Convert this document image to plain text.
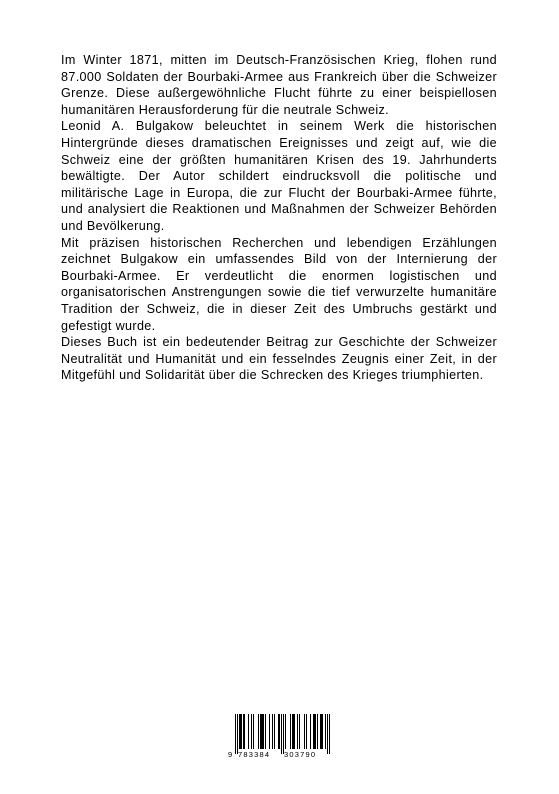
Im Winter 1871, mitten im Deutsch-Französischen Krieg, flohen rund 87.000 Soldaten der Bourbaki-Armee aus Frankreich über die Schweizer Grenze. Diese außergewöhnliche Flucht führte zu einer beispiellosen humanitären Herausforderung für die neutrale Schweiz.

Leonid A. Bulgakow beleuchtet in seinem Werk die historischen Hintergründe dieses dramatischen Ereignisses und zeigt auf, wie die Schweiz eine der größten humanitären Krisen des 19. Jahrhunderts bewältigte. Der Autor schildert eindrucksvoll die politische und militärische Lage in Europa, die zur Flucht der Bourbaki-Armee führte, und analysiert die Reaktionen und Maßnahmen der Schweizer Behörden und Bevölkerung.

Mit präzisen historischen Recherchen und lebendigen Erzählungen zeichnet Bulgakow ein umfassendes Bild von der Internierung der Bourbaki-Armee. Er verdeutlicht die enormen logistischen und organisatorischen Anstrengungen sowie die tief verwurzelte humanitäre Tradition der Schweiz, die in dieser Zeit des Umbruchs gestärkt und gefestigt wurde.

Dieses Buch ist ein bedeutender Beitrag zur Geschichte der Schweizer Neutralität und Humanität und ein fesselndes Zeugnis einer Zeit, in der Mitgefühl und Solidarität über die Schrecken des Krieges triumphierten.

9 783384	303790
